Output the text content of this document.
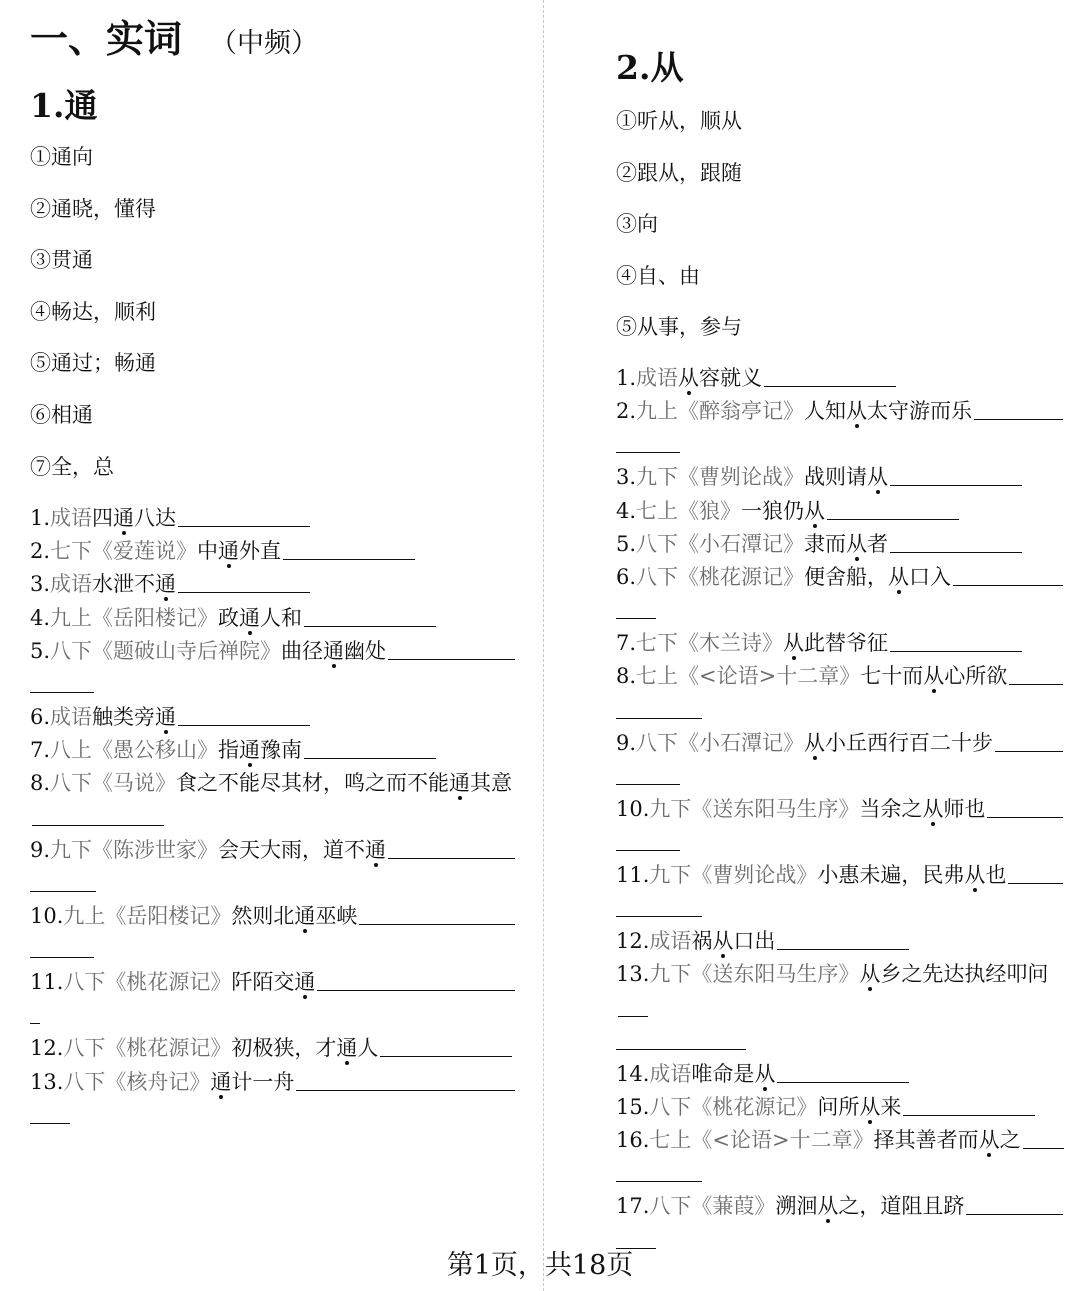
一、实词 （中频）
1.通
①通向
②通晓，懂得
③贯通
④畅达，顺利
⑤通过；畅通
⑥相通
⑦全，总
1.成语四通八达
2.七下《爱莲说》中通外直
3.成语水泄不通
4.九上《岳阳楼记》政通人和
5.八下《题破山寺后禅院》曲径通幽处
6.成语触类旁通
7.八上《愚公移山》指通豫南
8.八下《马说》食之不能尽其材，鸣之而不能通其意
9.九下《陈涉世家》会天大雨，道不通
10.九上《岳阳楼记》然则北通巫峡
11.八下《桃花源记》阡陌交通
12.八下《桃花源记》初极狭，才通人
13.八下《核舟记》通计一舟
2.从
①听从，顺从
②跟从，跟随
③向
④自、由
⑤从事，参与
1.成语从容就义
2.九上《醉翁亭记》人知从太守游而乐
3.九下《曹刿论战》战则请从
4.七上《狼》一狼仍从
5.八下《小石潭记》隶而从者
6.八下《桃花源记》便舍船，从口入
7.七下《木兰诗》从此替爷征
8.七上《<论语>十二章》七十而从心所欲
9.八下《小石潭记》从小丘西行百二十步
10.九下《送东阳马生序》当余之从师也
11.九下《曹刿论战》小惠未遍，民弗从也
12.成语祸从口出
13.九下《送东阳马生序》从乡之先达执经叩问
14.成语唯命是从
15.八下《桃花源记》问所从来
16.七上《<论语>十二章》择其善者而从之
17.八下《蒹葭》溯洄从之，道阻且跻
第1页，共18页
